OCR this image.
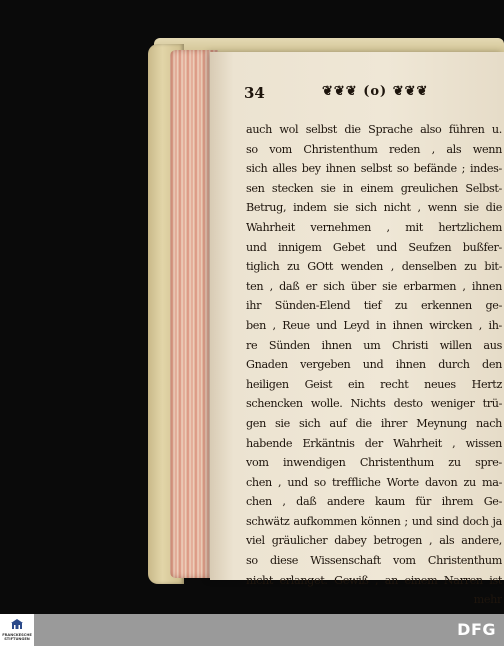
34	❦❦❦ (o) ❦❦❦
auch wol selbst die Sprache also führen u.
so vom Christenthum reden , als wenn
sich alles bey ihnen selbst so befände ; indes-
sen stecken sie in einem greulichen Selbst-
Betrug, indem sie sich nicht , wenn sie die
Wahrheit vernehmen , mit hertzlichem
und innigem Gebet und Seufzen bußfer-
tiglich zu GOtt wenden , denselben zu bit-
ten , daß er sich über sie erbarmen , ihnen
ihr Sünden-Elend tief zu erkennen ge-
ben , Reue und Leyd in ihnen wircken , ih-
re Sünden ihnen um Christi willen aus
Gnaden vergeben und ihnen durch den
heiligen Geist ein recht neues Hertz
schencken wolle. Nichts desto weniger trü-
gen sie sich auf die ihrer Meynung nach
habende Erkäntnis der Wahrheit , wissen
vom inwendigen Christenthum zu spre-
chen , und so treffliche Worte davon zu ma-
chen , daß andere kaum für ihrem Ge-
schwätz aufkommen können ; und sind doch ja
viel gräulicher dabey betrogen , als andere,
so diese Wissenschaft vom Christenthum
nicht erlanget. Gewiß , an einem Narren ist
mehr
FRANCKESCHE STIFTUNGEN
DFG
